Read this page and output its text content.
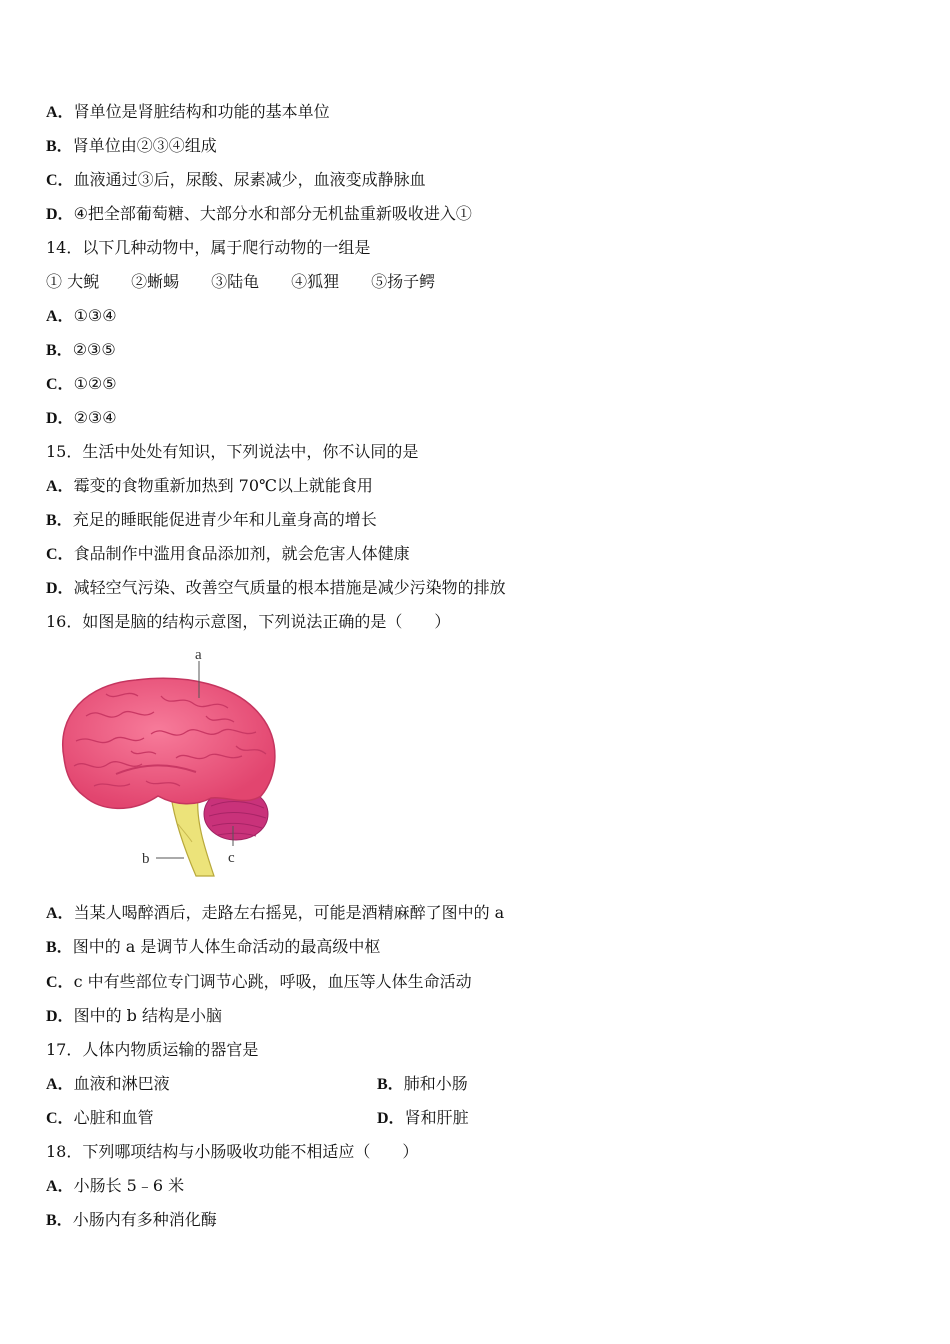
A．肾单位是肾脏结构和功能的基本单位
B．肾单位由②③④组成
C．血液通过③后，尿酸、尿素减少，血液变成静脉血
D．④把全部葡萄糖、大部分水和部分无机盐重新吸收进入①
14．以下几种动物中，属于爬行动物的一组是
① 大鲵　　②蜥蜴　　③陆龟　　④狐狸　　⑤扬子鳄
A．①③④
B．②③⑤
C．①②⑤
D．②③④
15．生活中处处有知识，下列说法中，你不认同的是
A．霉变的食物重新加热到 70℃以上就能食用
B．充足的睡眠能促进青少年和儿童身高的增长
C．食品制作中滥用食品添加剂，就会危害人体健康
D．减轻空气污染、改善空气质量的根本措施是减少污染物的排放
16．如图是脑的结构示意图，下列说法正确的是（　　）
a
b	c
A．当某人喝醉酒后，走路左右摇晃，可能是酒精麻醉了图中的 a
B．图中的 a 是调节人体生命活动的最高级中枢
C．c 中有些部位专门调节心跳，呼吸，血压等人体生命活动
D．图中的 b 结构是小脑
17．人体内物质运输的器官是
A．血液和淋巴液	B．肺和小肠
C．心脏和血管	D．肾和肝脏
18．下列哪项结构与小肠吸收功能不相适应（　　）
A．小肠长 5﹣6 米
B．小肠内有多种消化酶
